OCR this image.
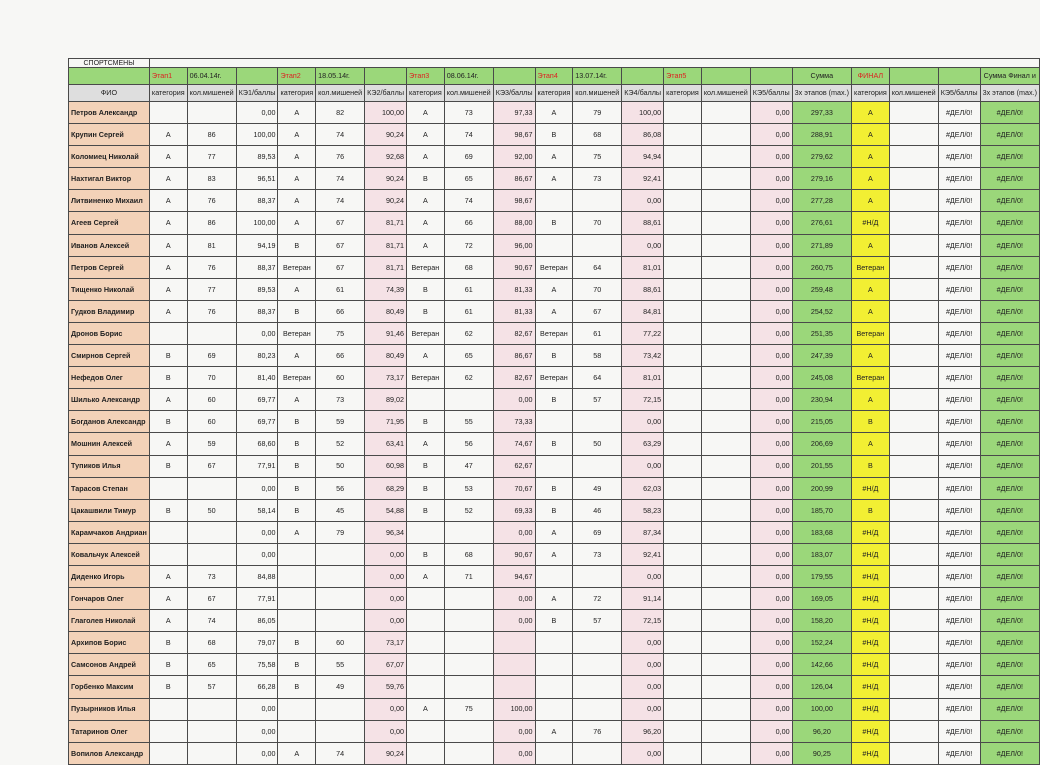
СПОРТСМЕНЫ																				
	Этап1	06.04.14г.		Этап2	18.05.14г.		Этап3	08.06.14г.		Этап4	13.07.14г.		Этап5			Сумма	ФИНАЛ			Сумма Финал и
ФИО	категория	кол.мишеней	КЭ1/баллы	категория	кол.мишеней	КЭ2/баллы	категория	кол.мишеней	КЭ3/баллы	категория	кол.мишеней	КЭ4/баллы	категория	кол.мишеней	КЭ5/баллы	3х этапов (max.)	категория	кол.мишеней	КЭ5/баллы	3х этапов (max.)
Петров Александр			0,00	А	82	100,00	А	73	97,33	А	79	100,00			0,00	297,33	А		#ДЕЛ/0!	#ДЕЛ/0!
Крупин Сергей	А	86	100,00	А	74	90,24	А	74	98,67	В	68	86,08			0,00	288,91	А		#ДЕЛ/0!	#ДЕЛ/0!
Коломиец Николай	А	77	89,53	А	76	92,68	А	69	92,00	А	75	94,94			0,00	279,62	А		#ДЕЛ/0!	#ДЕЛ/0!
Нахтигал Виктор	А	83	96,51	А	74	90,24	В	65	86,67	А	73	92,41			0,00	279,16	А		#ДЕЛ/0!	#ДЕЛ/0!
Литвиненко Михаил	А	76	88,37	А	74	90,24	А	74	98,67			0,00			0,00	277,28	А		#ДЕЛ/0!	#ДЕЛ/0!
Агеев Сергей	А	86	100,00	А	67	81,71	А	66	88,00	В	70	88,61			0,00	276,61	#Н/Д		#ДЕЛ/0!	#ДЕЛ/0!
Иванов Алексей	А	81	94,19	В	67	81,71	А	72	96,00			0,00			0,00	271,89	А		#ДЕЛ/0!	#ДЕЛ/0!
Петров Сергей	А	76	88,37	Ветеран	67	81,71	Ветеран	68	90,67	Ветеран	64	81,01			0,00	260,75	Ветеран		#ДЕЛ/0!	#ДЕЛ/0!
Тищенко Николай	А	77	89,53	А	61	74,39	В	61	81,33	А	70	88,61			0,00	259,48	А		#ДЕЛ/0!	#ДЕЛ/0!
Гудков Владимир	А	76	88,37	В	66	80,49	В	61	81,33	А	67	84,81			0,00	254,52	А		#ДЕЛ/0!	#ДЕЛ/0!
Дронов Борис			0,00	Ветеран	75	91,46	Ветеран	62	82,67	Ветеран	61	77,22			0,00	251,35	Ветеран		#ДЕЛ/0!	#ДЕЛ/0!
Смирнов Сергей	В	69	80,23	А	66	80,49	А	65	86,67	В	58	73,42			0,00	247,39	А		#ДЕЛ/0!	#ДЕЛ/0!
Нефедов Олег	В	70	81,40	Ветеран	60	73,17	Ветеран	62	82,67	Ветеран	64	81,01			0,00	245,08	Ветеран		#ДЕЛ/0!	#ДЕЛ/0!
Шилько Александр	А	60	69,77	А	73	89,02			0,00	В	57	72,15			0,00	230,94	А		#ДЕЛ/0!	#ДЕЛ/0!
Богданов Александр	В	60	69,77	В	59	71,95	В	55	73,33			0,00			0,00	215,05	В		#ДЕЛ/0!	#ДЕЛ/0!
Мошнин Алексей	А	59	68,60	В	52	63,41	А	56	74,67	В	50	63,29			0,00	206,69	А		#ДЕЛ/0!	#ДЕЛ/0!
Тупиков Илья	В	67	77,91	В	50	60,98	В	47	62,67			0,00			0,00	201,55	В		#ДЕЛ/0!	#ДЕЛ/0!
Тарасов Степан			0,00	В	56	68,29	В	53	70,67	В	49	62,03			0,00	200,99	#Н/Д		#ДЕЛ/0!	#ДЕЛ/0!
Цакашвили Тимур	В	50	58,14	В	45	54,88	В	52	69,33	В	46	58,23			0,00	185,70	В		#ДЕЛ/0!	#ДЕЛ/0!
Карамчаков Андриан			0,00	А	79	96,34			0,00	А	69	87,34			0,00	183,68	#Н/Д		#ДЕЛ/0!	#ДЕЛ/0!
Ковальчук Алексей			0,00			0,00	В	68	90,67	А	73	92,41			0,00	183,07	#Н/Д		#ДЕЛ/0!	#ДЕЛ/0!
Диденко Игорь	А	73	84,88			0,00	А	71	94,67			0,00			0,00	179,55	#Н/Д		#ДЕЛ/0!	#ДЕЛ/0!
Гончаров Олег	А	67	77,91			0,00			0,00	А	72	91,14			0,00	169,05	#Н/Д		#ДЕЛ/0!	#ДЕЛ/0!
Глаголев Николай	А	74	86,05			0,00			0,00	В	57	72,15			0,00	158,20	#Н/Д		#ДЕЛ/0!	#ДЕЛ/0!
Архипов Борис	В	68	79,07	В	60	73,17						0,00			0,00	152,24	#Н/Д		#ДЕЛ/0!	#ДЕЛ/0!
Самсонов Андрей	В	65	75,58	В	55	67,07						0,00			0,00	142,66	#Н/Д		#ДЕЛ/0!	#ДЕЛ/0!
Горбенко Максим	В	57	66,28	В	49	59,76						0,00			0,00	126,04	#Н/Д		#ДЕЛ/0!	#ДЕЛ/0!
Пузырников Илья			0,00			0,00	А	75	100,00			0,00			0,00	100,00	#Н/Д		#ДЕЛ/0!	#ДЕЛ/0!
Татаринов Олег			0,00			0,00			0,00	А	76	96,20			0,00	96,20	#Н/Д		#ДЕЛ/0!	#ДЕЛ/0!
Вопилов Александр			0,00	А	74	90,24			0,00			0,00			0,00	90,25	#Н/Д		#ДЕЛ/0!	#ДЕЛ/0!
